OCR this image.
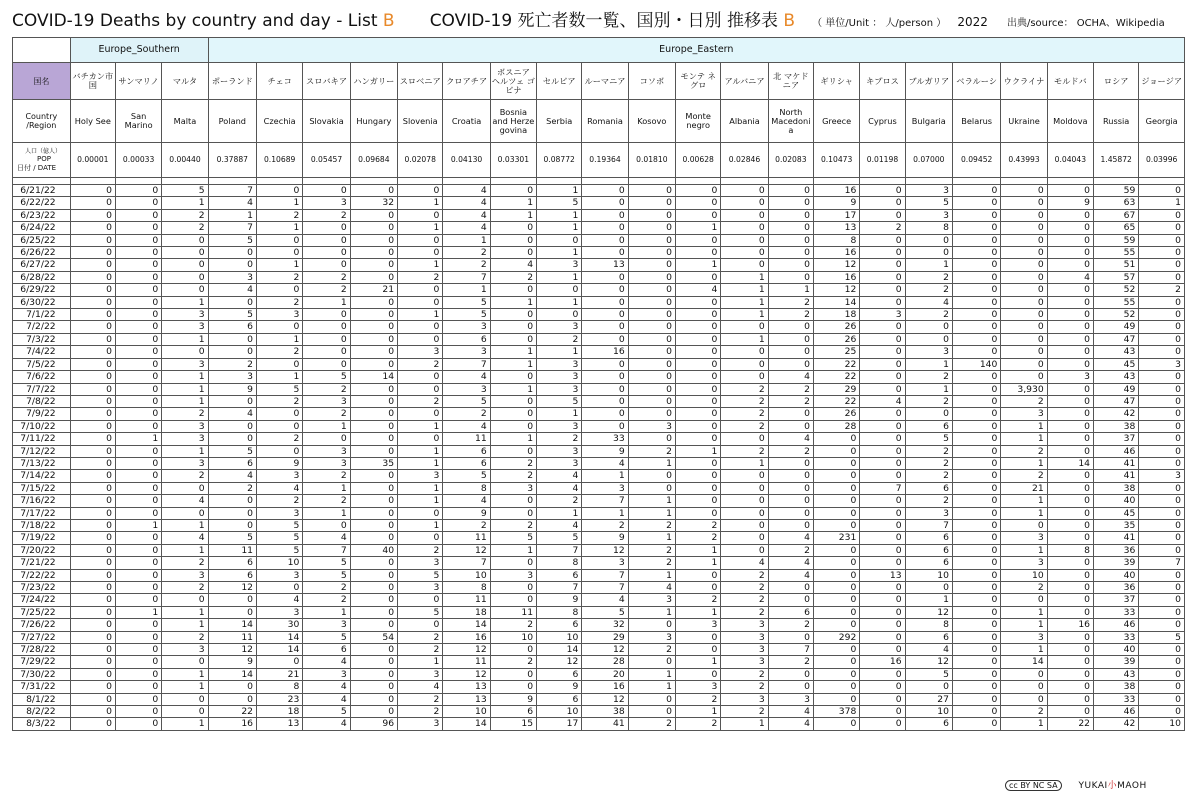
COVID-19 Deaths by country and day - List B COVID-19 死亡者数一覧、国別・日別 推移表 B （ 単位/Unit ： 人/person ） 2022 出典/source： OCHA、Wikipedia
	Europe_Southern			Europe_Eastern																				
国名	バチカン市国	サンマリノ	マルタ	ポーランド	チェコ	スロバキア	ハンガリー	スロベニア	クロアチア	ボスニア ヘルツェ ゴビナ	セルビア	ルーマニア	コソボ	モンテ ネグロ	アルバニア	北 マケドニア	ギリシャ	キプロス	ブルガリア	ベラルーシ	ウクライナ	モルドバ	ロシア	ジョージア
Country /Region	Holy See	San Marino	Malta	Poland	Czechia	Slovakia	Hungary	Slovenia	Croatia	Bosnia and Herze govina	Serbia	Romania	Kosovo	Monte negro	Albania	North Macedoni a	Greece	Cyprus	Bulgaria	Belarus	Ukraine	Moldova	Russia	Georgia

人口（億人）
POP
日付 / DATE	0.00001	0.00033	0.00440	0.37887	0.10689	0.05457	0.09684	0.02078	0.04130	0.03301	0.08772	0.19364	0.01810	0.00628	0.02846	0.02083	0.10473	0.01198	0.07000	0.09452	0.43993	0.04043	1.45872	0.03996

6/21/22	0	0	5	7	0	0	0	0	4	0	1	0	0	0	0	0	16	0	3	0	0	0	59	0
6/22/22	0	0	1	4	1	3	32	1	4	1	5	0	0	0	0	0	9	0	5	0	0	9	63	1
6/23/22	0	0	2	1	2	2	0	0	4	1	1	0	0	0	0	0	17	0	3	0	0	0	67	0
6/24/22	0	0	2	7	1	0	0	1	4	0	1	0	0	1	0	0	13	2	8	0	0	0	65	0
6/25/22	0	0	0	5	0	0	0	0	1	0	0	0	0	0	0	0	8	0	0	0	0	0	59	0
6/26/22	0	0	0	0	0	0	0	0	2	0	1	0	0	0	0	0	16	0	0	0	0	0	55	0
6/27/22	0	0	0	0	1	0	0	1	2	4	3	13	0	1	0	0	12	0	1	0	0	0	51	0
6/28/22	0	0	0	3	2	2	0	2	7	2	1	0	0	0	1	0	16	0	2	0	0	4	57	0
6/29/22	0	0	0	4	0	2	21	0	1	0	0	0	0	4	1	1	12	0	2	0	0	0	52	2
6/30/22	0	0	1	0	2	1	0	0	5	1	1	0	0	0	1	2	14	0	4	0	0	0	55	0
7/1/22	0	0	3	5	3	0	0	1	5	0	0	0	0	0	1	2	18	3	2	0	0	0	52	0
7/2/22	0	0	3	6	0	0	0	0	3	0	3	0	0	0	0	0	26	0	0	0	0	0	49	0
7/3/22	0	0	1	0	1	0	0	0	6	0	2	0	0	0	1	0	26	0	0	0	0	0	47	0
7/4/22	0	0	0	0	2	0	0	3	3	1	1	16	0	0	0	0	25	0	3	0	0	0	43	0
7/5/22	0	0	3	2	0	0	0	2	7	1	3	0	0	0	0	0	22	0	1	140	0	0	45	3
7/6/22	0	0	1	3	1	5	14	0	4	0	3	0	0	0	0	4	22	0	2	0	0	3	43	0
7/7/22	0	0	1	9	5	2	0	0	3	1	3	0	0	0	2	2	29	0	1	0	3,930	0	49	0
7/8/22	0	0	1	0	2	3	0	2	5	0	5	0	0	0	2	2	22	4	2	0	2	0	47	0
7/9/22	0	0	2	4	0	2	0	0	2	0	1	0	0	0	2	0	26	0	0	0	3	0	42	0
7/10/22	0	0	3	0	0	1	0	1	4	0	3	0	3	0	2	0	28	0	6	0	1	0	38	0
7/11/22	0	1	3	0	2	0	0	0	11	1	2	33	0	0	0	4	0	0	5	0	1	0	37	0
7/12/22	0	0	1	5	0	3	0	1	6	0	3	9	2	1	2	2	0	0	2	0	2	0	46	0
7/13/22	0	0	3	6	9	3	35	1	6	2	3	4	1	0	1	0	0	0	2	0	1	14	41	0
7/14/22	0	0	2	4	3	2	0	3	5	2	4	1	0	0	0	0	0	0	2	0	2	0	41	3
7/15/22	0	0	0	2	4	1	0	1	8	3	4	3	0	0	0	0	0	7	6	0	21	0	38	0
7/16/22	0	0	4	0	2	2	0	1	4	0	2	7	1	0	0	0	0	0	2	0	1	0	40	0
7/17/22	0	0	0	0	3	1	0	0	9	0	1	1	1	0	0	0	0	0	3	0	1	0	45	0
7/18/22	0	1	1	0	5	0	0	1	2	2	4	2	2	2	0	0	0	0	7	0	0	0	35	0
7/19/22	0	0	4	5	5	4	0	0	11	5	5	9	1	2	0	4	231	0	6	0	3	0	41	0
7/20/22	0	0	1	11	5	7	40	2	12	1	7	12	2	1	0	2	0	0	6	0	1	8	36	0
7/21/22	0	0	2	6	10	5	0	3	7	0	8	3	2	1	4	4	0	0	6	0	3	0	39	7
7/22/22	0	0	3	6	3	5	0	5	10	3	6	7	1	0	2	4	0	13	10	0	10	0	40	0
7/23/22	0	0	2	12	0	2	0	3	8	0	7	7	4	0	2	0	0	0	0	0	2	0	36	0
7/24/22	0	0	0	0	4	2	0	0	11	0	9	4	3	2	2	0	0	0	1	0	0	0	37	0
7/25/22	0	1	1	0	3	1	0	5	18	11	8	5	1	1	2	6	0	0	12	0	1	0	33	0
7/26/22	0	0	1	14	30	3	0	0	14	2	6	32	0	3	3	2	0	0	8	0	1	16	46	0
7/27/22	0	0	2	11	14	5	54	2	16	10	10	29	3	0	3	0	292	0	6	0	3	0	33	5
7/28/22	0	0	3	12	14	6	0	2	12	0	14	12	2	0	3	7	0	0	4	0	1	0	40	0
7/29/22	0	0	0	9	0	4	0	1	11	2	12	28	0	1	3	2	0	16	12	0	14	0	39	0
7/30/22	0	0	1	14	21	3	0	3	12	0	6	20	1	0	2	0	0	0	5	0	0	0	43	0
7/31/22	0	0	1	0	8	4	0	4	13	0	9	16	1	3	2	0	0	0	0	0	0	0	38	0
8/1/22	0	0	0	0	23	4	0	2	13	9	6	12	0	2	3	3	0	0	27	0	0	0	33	0
8/2/22	0	0	0	22	18	5	0	2	10	6	10	38	0	1	2	4	378	0	10	0	2	0	46	0
8/3/22	0	0	1	16	13	4	96	3	14	15	17	41	2	2	1	4	0	0	6	0	1	22	42	10
cc BY NC SA YUKAI小MAOH
